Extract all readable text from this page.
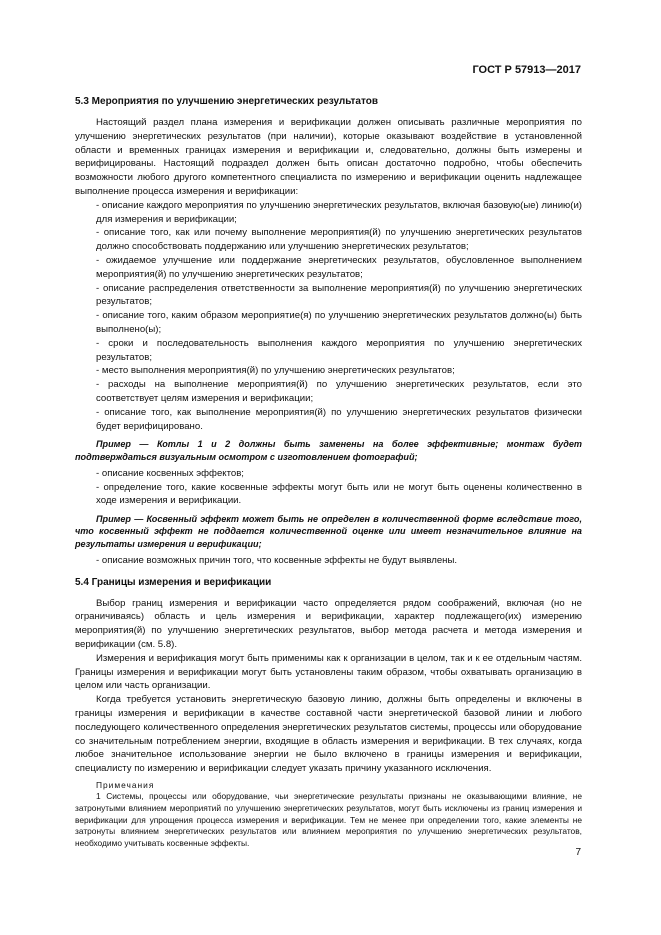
ГОСТ Р 57913—2017
5.3 Мероприятия по улучшению энергетических результатов

Настоящий раздел плана измерения и верификации должен описывать различные мероприятия по улучшению энергетических результатов (при наличии), которые оказывают воздействие в установленной области и временных границах измерения и верификации и, следовательно, должны быть измерены и верифицированы. Настоящий подраздел должен быть описан достаточно подробно, чтобы обеспечить возможности любого другого компетентного специалиста по измерению и верификации оценить надлежащее выполнение процесса измерения и верификации:

- описание каждого мероприятия по улучшению энергетических результатов, включая базовую(ые) линию(и) для измерения и верификации;

- описание того, как или почему выполнение мероприятия(й) по улучшению энергетических результатов должно способствовать поддержанию или улучшению энергетических результатов;

- ожидаемое улучшение или поддержание энергетических результатов, обусловленное выполнением мероприятия(й) по улучшению энергетических результатов;

- описание распределения ответственности за выполнение мероприятия(й) по улучшению энергетических результатов;

- описание того, каким образом мероприятие(я) по улучшению энергетических результатов должно(ы) быть выполнено(ы);

- сроки и последовательность выполнения каждого мероприятия по улучшению энергетических результатов;

- место выполнения мероприятия(й) по улучшению энергетических результатов;

- расходы на выполнение мероприятия(й) по улучшению энергетических результатов, если это соответствует целям измерения и верификации;

- описание того, как выполнение мероприятия(й) по улучшению энергетических результатов физически будет верифицировано.

Пример — Котлы 1 и 2 должны быть заменены на более эффективные; монтаж будет подтверждаться визуальным осмотром с изготовлением фотографий;

- описание косвенных эффектов;

- определение того, какие косвенные эффекты могут быть или не могут быть оценены количественно в ходе измерения и верификации.

Пример — Косвенный эффект может быть не определен в количественной форме вследствие того, что косвенный эффект не поддается количественной оценке или имеет незначительное влияние на результаты измерения и верификации;

- описание возможных причин того, что косвенные эффекты не будут выявлены.

5.4 Границы измерения и верификации

Выбор границ измерения и верификации часто определяется рядом соображений, включая (но не ограничиваясь) область и цель измерения и верификации, характер подлежащего(их) измерению мероприятия(й) по улучшению энергетических результатов, выбор метода расчета и метода измерения и верификации (см. 5.8).

Измерения и верификация могут быть применимы как к организации в целом, так и к ее отдельным частям. Границы измерения и верификации могут быть установлены таким образом, чтобы охватывать организацию в целом или часть организации.

Когда требуется установить энергетическую базовую линию, должны быть определены и включены в границы измерения и верификации в качестве составной части энергетической базовой линии и любого последующего количественного определения энергетических результатов системы, процессы или оборудование со значительным потреблением энергии, входящие в область измерения и верификации. В тех случаях, когда любое значительное использование энергии не было включено в границы измерения и верификации, специалисту по измерению и верификации следует указать причину указанного исключения.

Примечания

1 Системы, процессы или оборудование, чьи энергетические результаты признаны не оказывающими влияние, не затронутыми влиянием мероприятий по улучшению энергетических результатов, могут быть исключены из границ измерения и верификации для упрощения процесса измерения и верификации. Тем не менее при определении того, какие элементы не затронуты влиянием энергетических результатов или влиянием мероприятия по улучшению энергетических результатов, необходимо учитывать косвенные эффекты.

7
